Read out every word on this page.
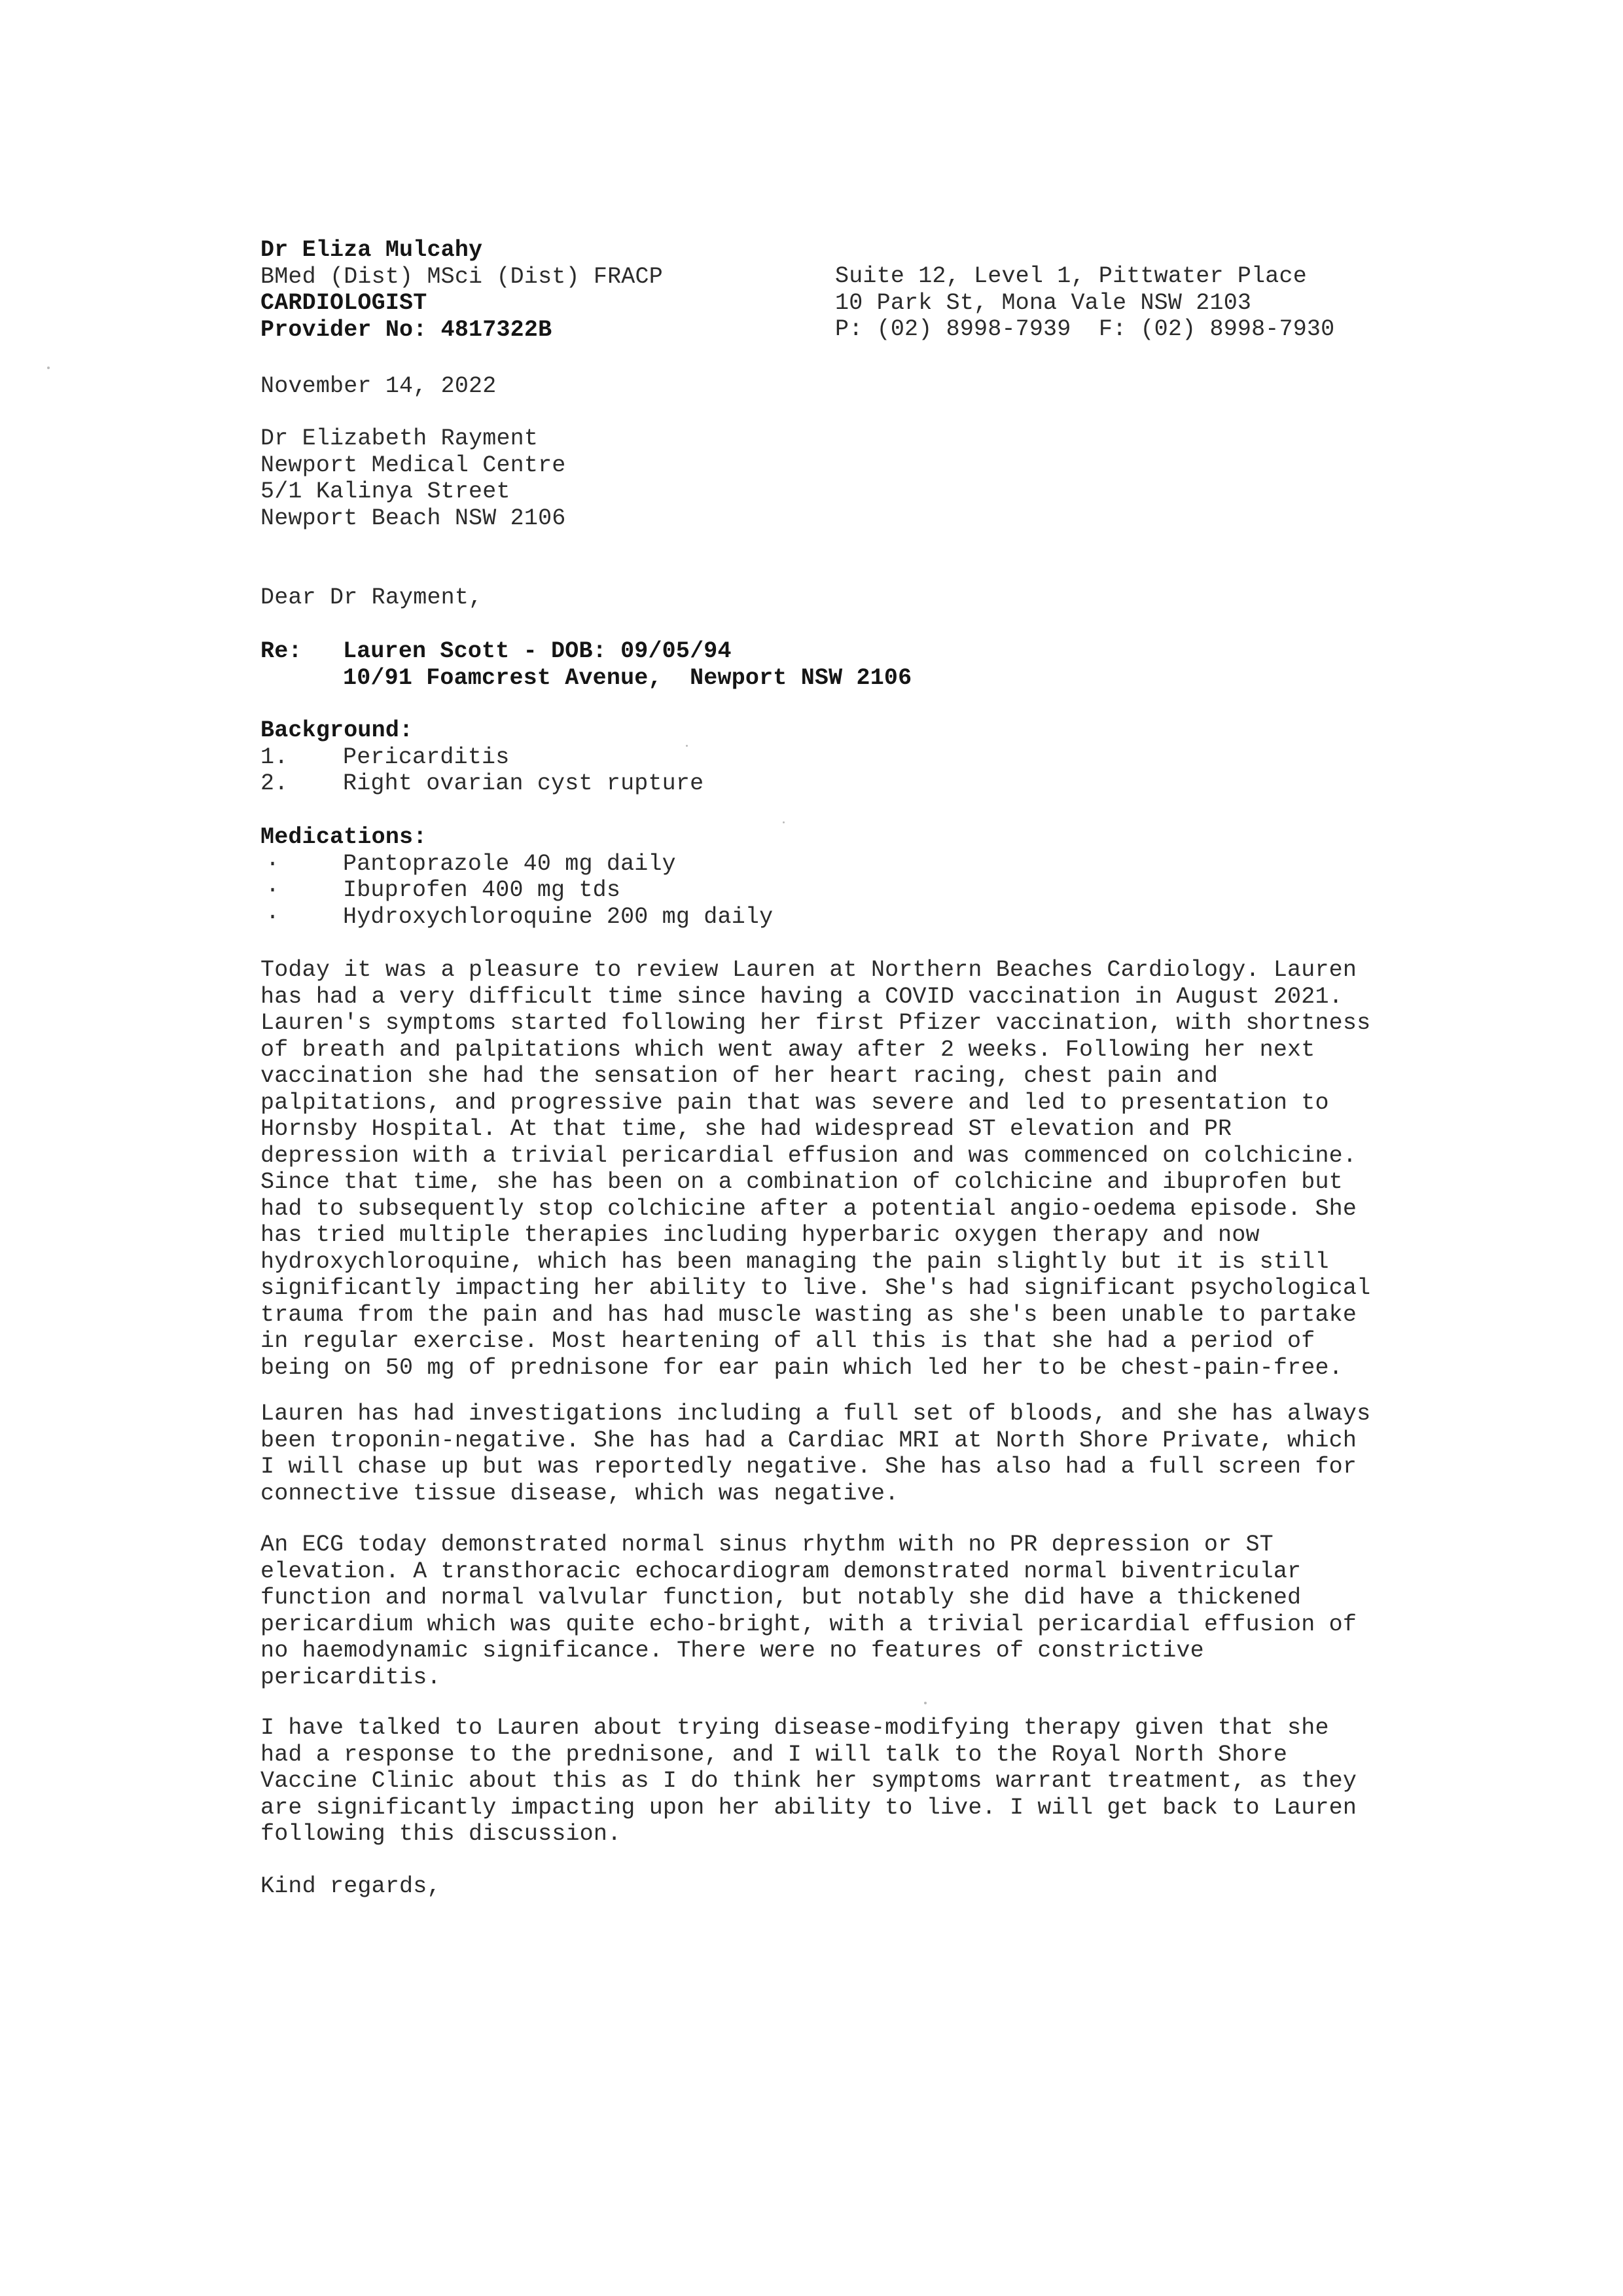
Dr Eliza Mulcahy
BMed (Dist) MSci (Dist) FRACP
CARDIOLOGIST
Provider No: 4817322B
Suite 12, Level 1, Pittwater Place
10 Park St, Mona Vale NSW 2103
P: (02) 8998-7939  F: (02) 8998-7930
November 14, 2022
Dr Elizabeth Rayment
Newport Medical Centre
5/1 Kalinya Street
Newport Beach NSW 2106
Dear Dr Rayment,
Re: Lauren Scott - DOB: 09/05/94
10/91 Foamcrest Avenue,  Newport NSW 2106
Background:
1. Pericarditis
2. Right ovarian cyst rupture
Medications:
·	Pantoprazole 40 mg daily
·	Ibuprofen 400 mg tds
·	Hydroxychloroquine 200 mg daily
Today it was a pleasure to review Lauren at Northern Beaches Cardiology. Lauren
has had a very difficult time since having a COVID vaccination in August 2021.
Lauren's symptoms started following her first Pfizer vaccination, with shortness
of breath and palpitations which went away after 2 weeks. Following her next
vaccination she had the sensation of her heart racing, chest pain and
palpitations, and progressive pain that was severe and led to presentation to
Hornsby Hospital. At that time, she had widespread ST elevation and PR
depression with a trivial pericardial effusion and was commenced on colchicine.
Since that time, she has been on a combination of colchicine and ibuprofen but
had to subsequently stop colchicine after a potential angio-oedema episode. She
has tried multiple therapies including hyperbaric oxygen therapy and now
hydroxychloroquine, which has been managing the pain slightly but it is still
significantly impacting her ability to live. She's had significant psychological
trauma from the pain and has had muscle wasting as she's been unable to partake
in regular exercise. Most heartening of all this is that she had a period of
being on 50 mg of prednisone for ear pain which led her to be chest-pain-free.
Lauren has had investigations including a full set of bloods, and she has always
been troponin-negative. She has had a Cardiac MRI at North Shore Private, which
I will chase up but was reportedly negative. She has also had a full screen for
connective tissue disease, which was negative.
An ECG today demonstrated normal sinus rhythm with no PR depression or ST
elevation. A transthoracic echocardiogram demonstrated normal biventricular
function and normal valvular function, but notably she did have a thickened
pericardium which was quite echo-bright, with a trivial pericardial effusion of
no haemodynamic significance. There were no features of constrictive
pericarditis.
I have talked to Lauren about trying disease-modifying therapy given that she
had a response to the prednisone, and I will talk to the Royal North Shore
Vaccine Clinic about this as I do think her symptoms warrant treatment, as they
are significantly impacting upon her ability to live. I will get back to Lauren
following this discussion.
Kind regards,
